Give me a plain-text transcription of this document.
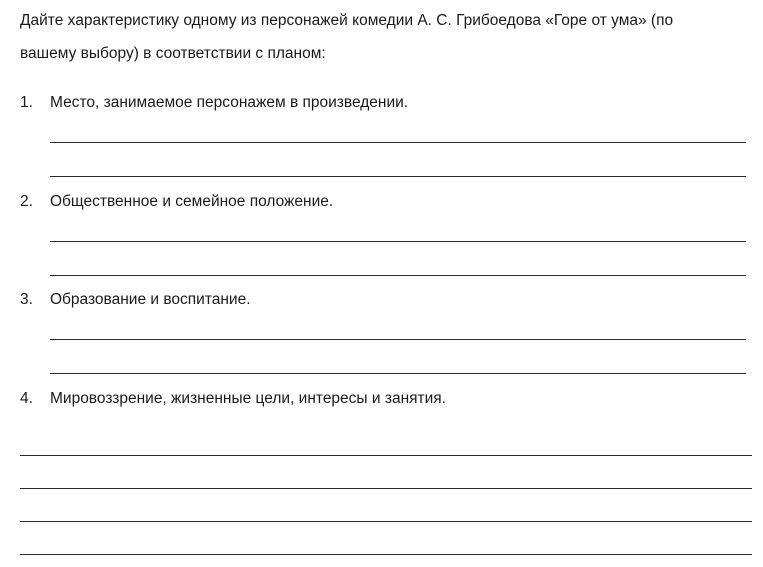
Дайте характеристику одному из персонажей комедии А. С. Грибоедова «Горе от ума» (по
вашему выбору) в соответствии с планом:
1. Место, занимаемое персонажем в произведении.
2. Общественное и семейное положение.
3. Образование и воспитание.
4. Мировоззрение, жизненные цели, интересы и занятия.
